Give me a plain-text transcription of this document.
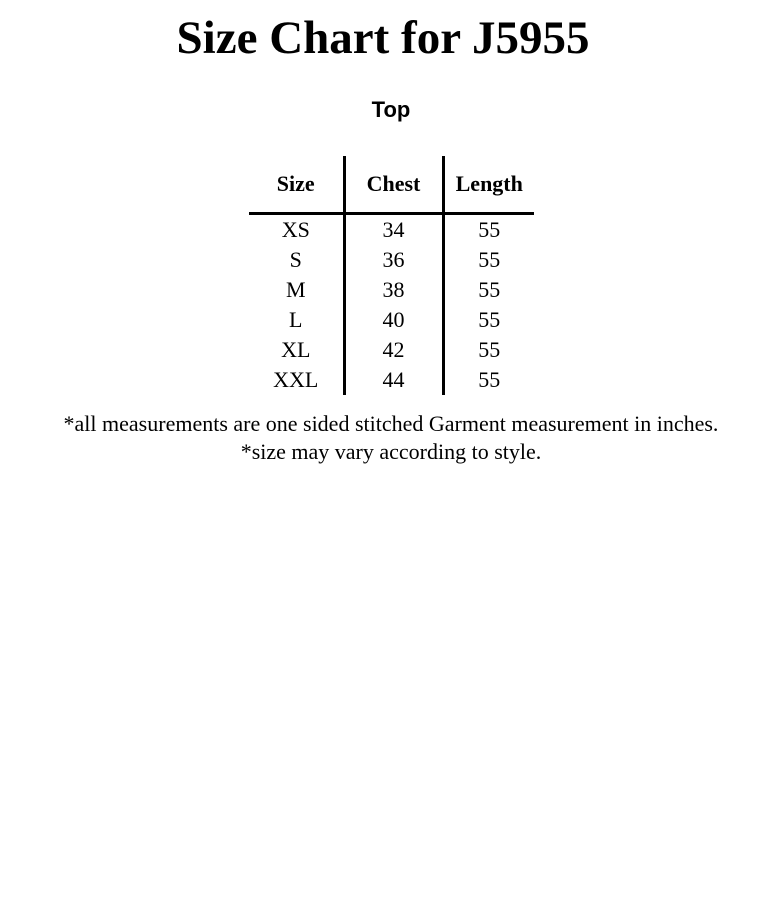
Size Chart for J5955
Top
Size	Chest	Length
XS	34	55
S	36	55
M	38	55
L	40	55
XL	42	55
XXL	44	55
*all measurements are one sided stitched Garment measurement in inches.
*size may vary according to style.
